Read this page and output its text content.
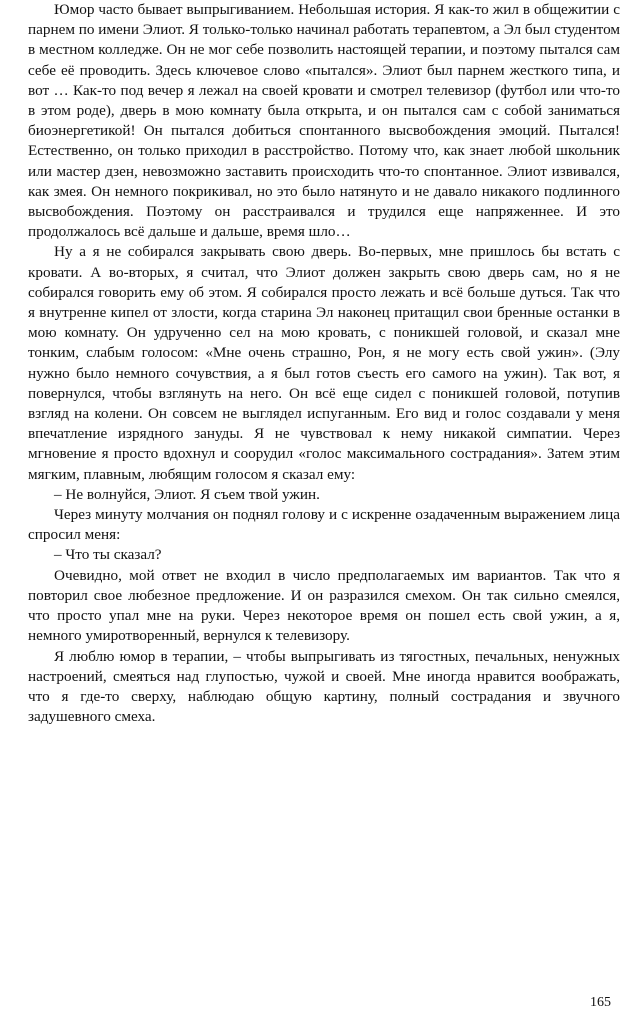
Юмор часто бывает выпрыгиванием. Небольшая история. Я как-то жил в общежитии с парнем по имени Элиот. Я только-только начинал работать терапевтом, а Эл был студентом в местном колледже. Он не мог себе позволить настоящей терапии, и поэтому пытался сам себе её проводить. Здесь ключевое слово «пытался». Элиот был парнем жесткого типа, и вот … Как-то под вечер я лежал на своей кровати и смотрел телевизор (футбол или что-то в этом роде), дверь в мою комнату была открыта, и он пытался сам с собой заниматься биоэнергетикой! Он пытался добиться спонтанного высвобождения эмоций. Пытался! Естественно, он только приходил в расстройство. Потому что, как знает любой школьник или мастер дзен, невозможно заставить происходить что-то спонтанное. Элиот извивался, как змея. Он немного покрикивал, но это было натянуто и не давало никакого подлинного высвобождения. Поэтому он расстраивался и трудился еще напряженнее. И это продолжалось всё дальше и дальше, время шло…

Ну а я не собирался закрывать свою дверь. Во-первых, мне пришлось бы встать с кровати. А во-вторых, я считал, что Элиот должен закрыть свою дверь сам, но я не собирался говорить ему об этом. Я собирался просто лежать и всё больше дуться. Так что я внутренне кипел от злости, когда старина Эл наконец притащил свои бренные останки в мою комнату. Он удрученно сел на мою кровать, с поникшей головой, и сказал мне тонким, слабым голосом: «Мне очень страшно, Рон, я не могу есть свой ужин». (Элу нужно было немного сочувствия, а я был готов съесть его самого на ужин). Так вот, я повернулся, чтобы взглянуть на него. Он всё еще сидел с поникшей головой, потупив взгляд на колени. Он совсем не выглядел испуганным. Его вид и голос создавали у меня впечатление изрядного зануды. Я не чувствовал к нему никакой симпатии. Через мгновение я просто вдохнул и соорудил «голос максимального сострадания». Затем этим мягким, плавным, любящим голосом я сказал ему:

– Не волнуйся, Элиот. Я съем твой ужин.

Через минуту молчания он поднял голову и с искренне озадаченным выражением лица спросил меня:

– Что ты сказал?

Очевидно, мой ответ не входил в число предполагаемых им вариантов. Так что я повторил свое любезное предложение. И он разразился смехом. Он так сильно смеялся, что просто упал мне на руки. Через некоторое время он пошел есть свой ужин, а я, немного умиротворенный, вернулся к телевизору.

Я люблю юмор в терапии, – чтобы выпрыгивать из тягостных, печальных, ненужных настроений, смеяться над глупостью, чужой и своей. Мне иногда нравится воображать, что я где-то сверху, наблюдаю общую картину, полный сострадания и звучного задушевного смеха.

165
